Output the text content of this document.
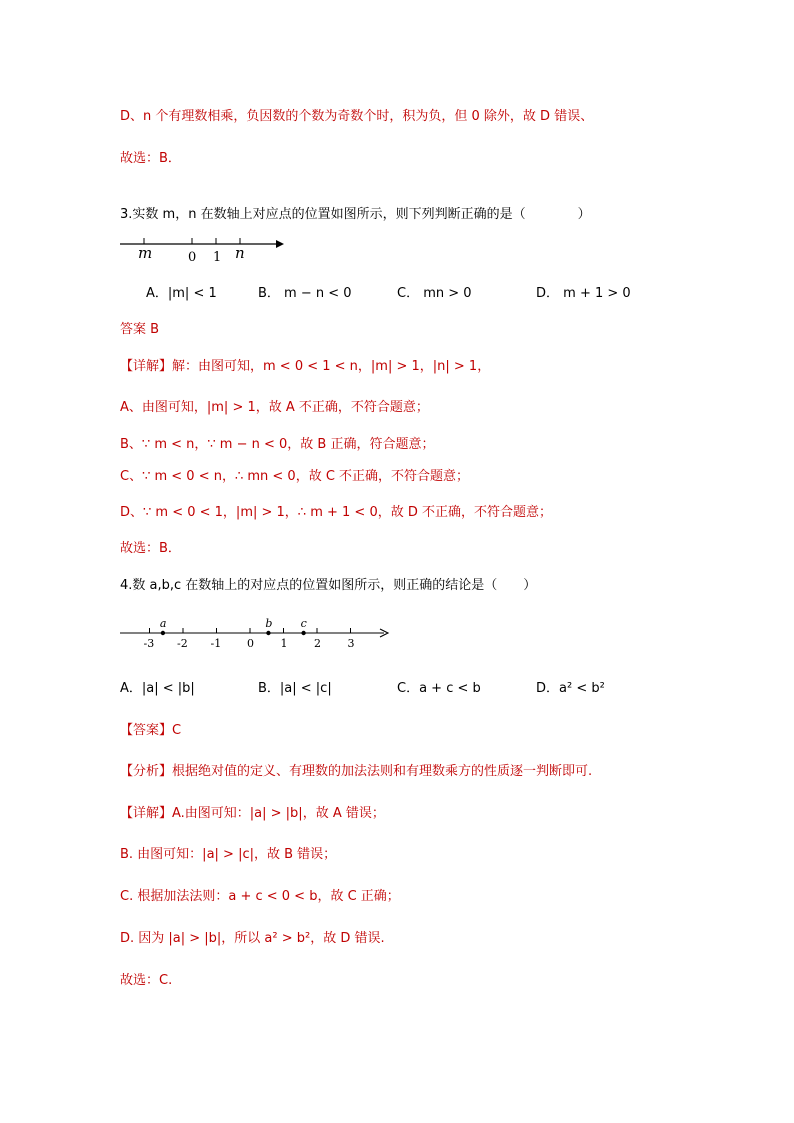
D、n 个有理数相乘，负因数的个数为奇数个时，积为负，但 0 除外，故 D 错误、
故选：B．
3.实数 m，n 在数轴上对应点的位置如图所示，则下列判断正确的是（　　　　）
m	0 1 n
A．|m| < 1	B． m − n < 0	C． mn > 0	D． m + 1 > 0
答案 B
【详解】解：由图可知，m < 0 < 1 < n，|m| > 1，|n| > 1，
A、由图可知，|m| > 1，故 A 不正确，不符合题意；
B、∵ m < n，∵ m − n < 0，故 B 正确，符合题意；
C、∵ m < 0 < n，∴ mn < 0，故 C 不正确，不符合题意；
D、∵ m < 0 < 1，|m| > 1，∴ m + 1 < 0，故 D 不正确，不符合题意；
故选：B．
4.数 a,b,c 在数轴上的对应点的位置如图所示，则正确的结论是（　　）
-3 -2 -1 0 1 2 3
a	b	c
A．|a| < |b|	B．|a| < |c|	C．a + c < b	D．a² < b²
【答案】C
【分析】根据绝对值的定义、有理数的加法法则和有理数乘方的性质逐一判断即可.
【详解】A.由图可知：|a| > |b|，故 A 错误；
B. 由图可知：|a| > |c|，故 B 错误；
C. 根据加法法则：a + c < 0 < b，故 C 正确；
D. 因为 |a| > |b|，所以 a² > b²，故 D 错误.
故选：C.
